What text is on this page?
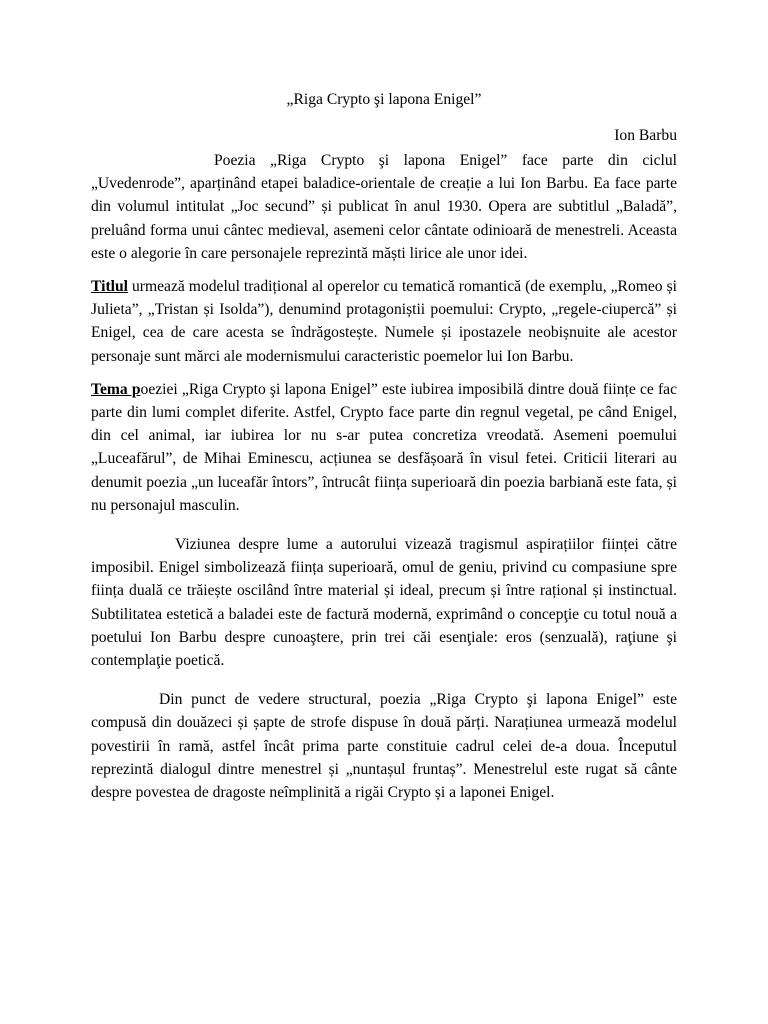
„Riga Crypto şi lapona Enigel”
Ion Barbu

Poezia „Riga Crypto şi lapona Enigel” face parte din ciclul „Uvedenrode”, aparținând etapei baladice-orientale de creație a lui Ion Barbu. Ea face parte din volumul intitulat „Joc secund” și publicat în anul 1930. Opera are subtitlul „Baladă”, preluând forma unui cântec medieval, asemeni celor cântate odinioară de menestreli. Aceasta este o alegorie în care personajele reprezintă măști lirice ale unor idei.

Titlul urmează modelul tradițional al operelor cu tematică romantică (de exemplu, „Romeo și Julieta”, „Tristan și Isolda”), denumind protagoniștii poemului: Crypto, „regele-ciupercă” și Enigel, cea de care acesta se îndrăgostește. Numele și ipostazele neobișnuite ale acestor personaje sunt mărci ale modernismului caracteristic poemelor lui Ion Barbu.

Tema poeziei „Riga Crypto şi lapona Enigel” este iubirea imposibilă dintre două ființe ce fac parte din lumi complet diferite. Astfel, Crypto face parte din regnul vegetal, pe când Enigel, din cel animal, iar iubirea lor nu s-ar putea concretiza vreodată. Asemeni poemului „Luceafărul”, de Mihai Eminescu, acțiunea se desfășoară în visul fetei. Criticii literari au denumit poezia „un luceafăr întors”, întrucât ființa superioară din poezia barbiană este fata, și nu personajul masculin.

Viziunea despre lume a autorului vizează tragismul aspirațiilor ființei către imposibil. Enigel simbolizează ființa superioară, omul de geniu, privind cu compasiune spre ființa duală ce trăiește oscilând între material și ideal, precum și între rațional și instinctual. Subtilitatea estetică a baladei este de factură modernă, exprimând o concepţie cu totul nouă a poetului Ion Barbu despre cunoaştere, prin trei căi esenţiale: eros (senzuală), raţiune şi contemplaţie poetică.

Din punct de vedere structural, poezia „Riga Crypto şi lapona Enigel” este compusă din douăzeci și șapte de strofe dispuse în două părți. Narațiunea urmează modelul povestirii în ramă, astfel încât prima parte constituie cadrul celei de-a doua. Începutul reprezintă dialogul dintre menestrel și „nuntașul fruntaș”. Menestrelul este rugat să cânte despre povestea de dragoste neîmplinită a rigăi Crypto și a laponei Enigel.
